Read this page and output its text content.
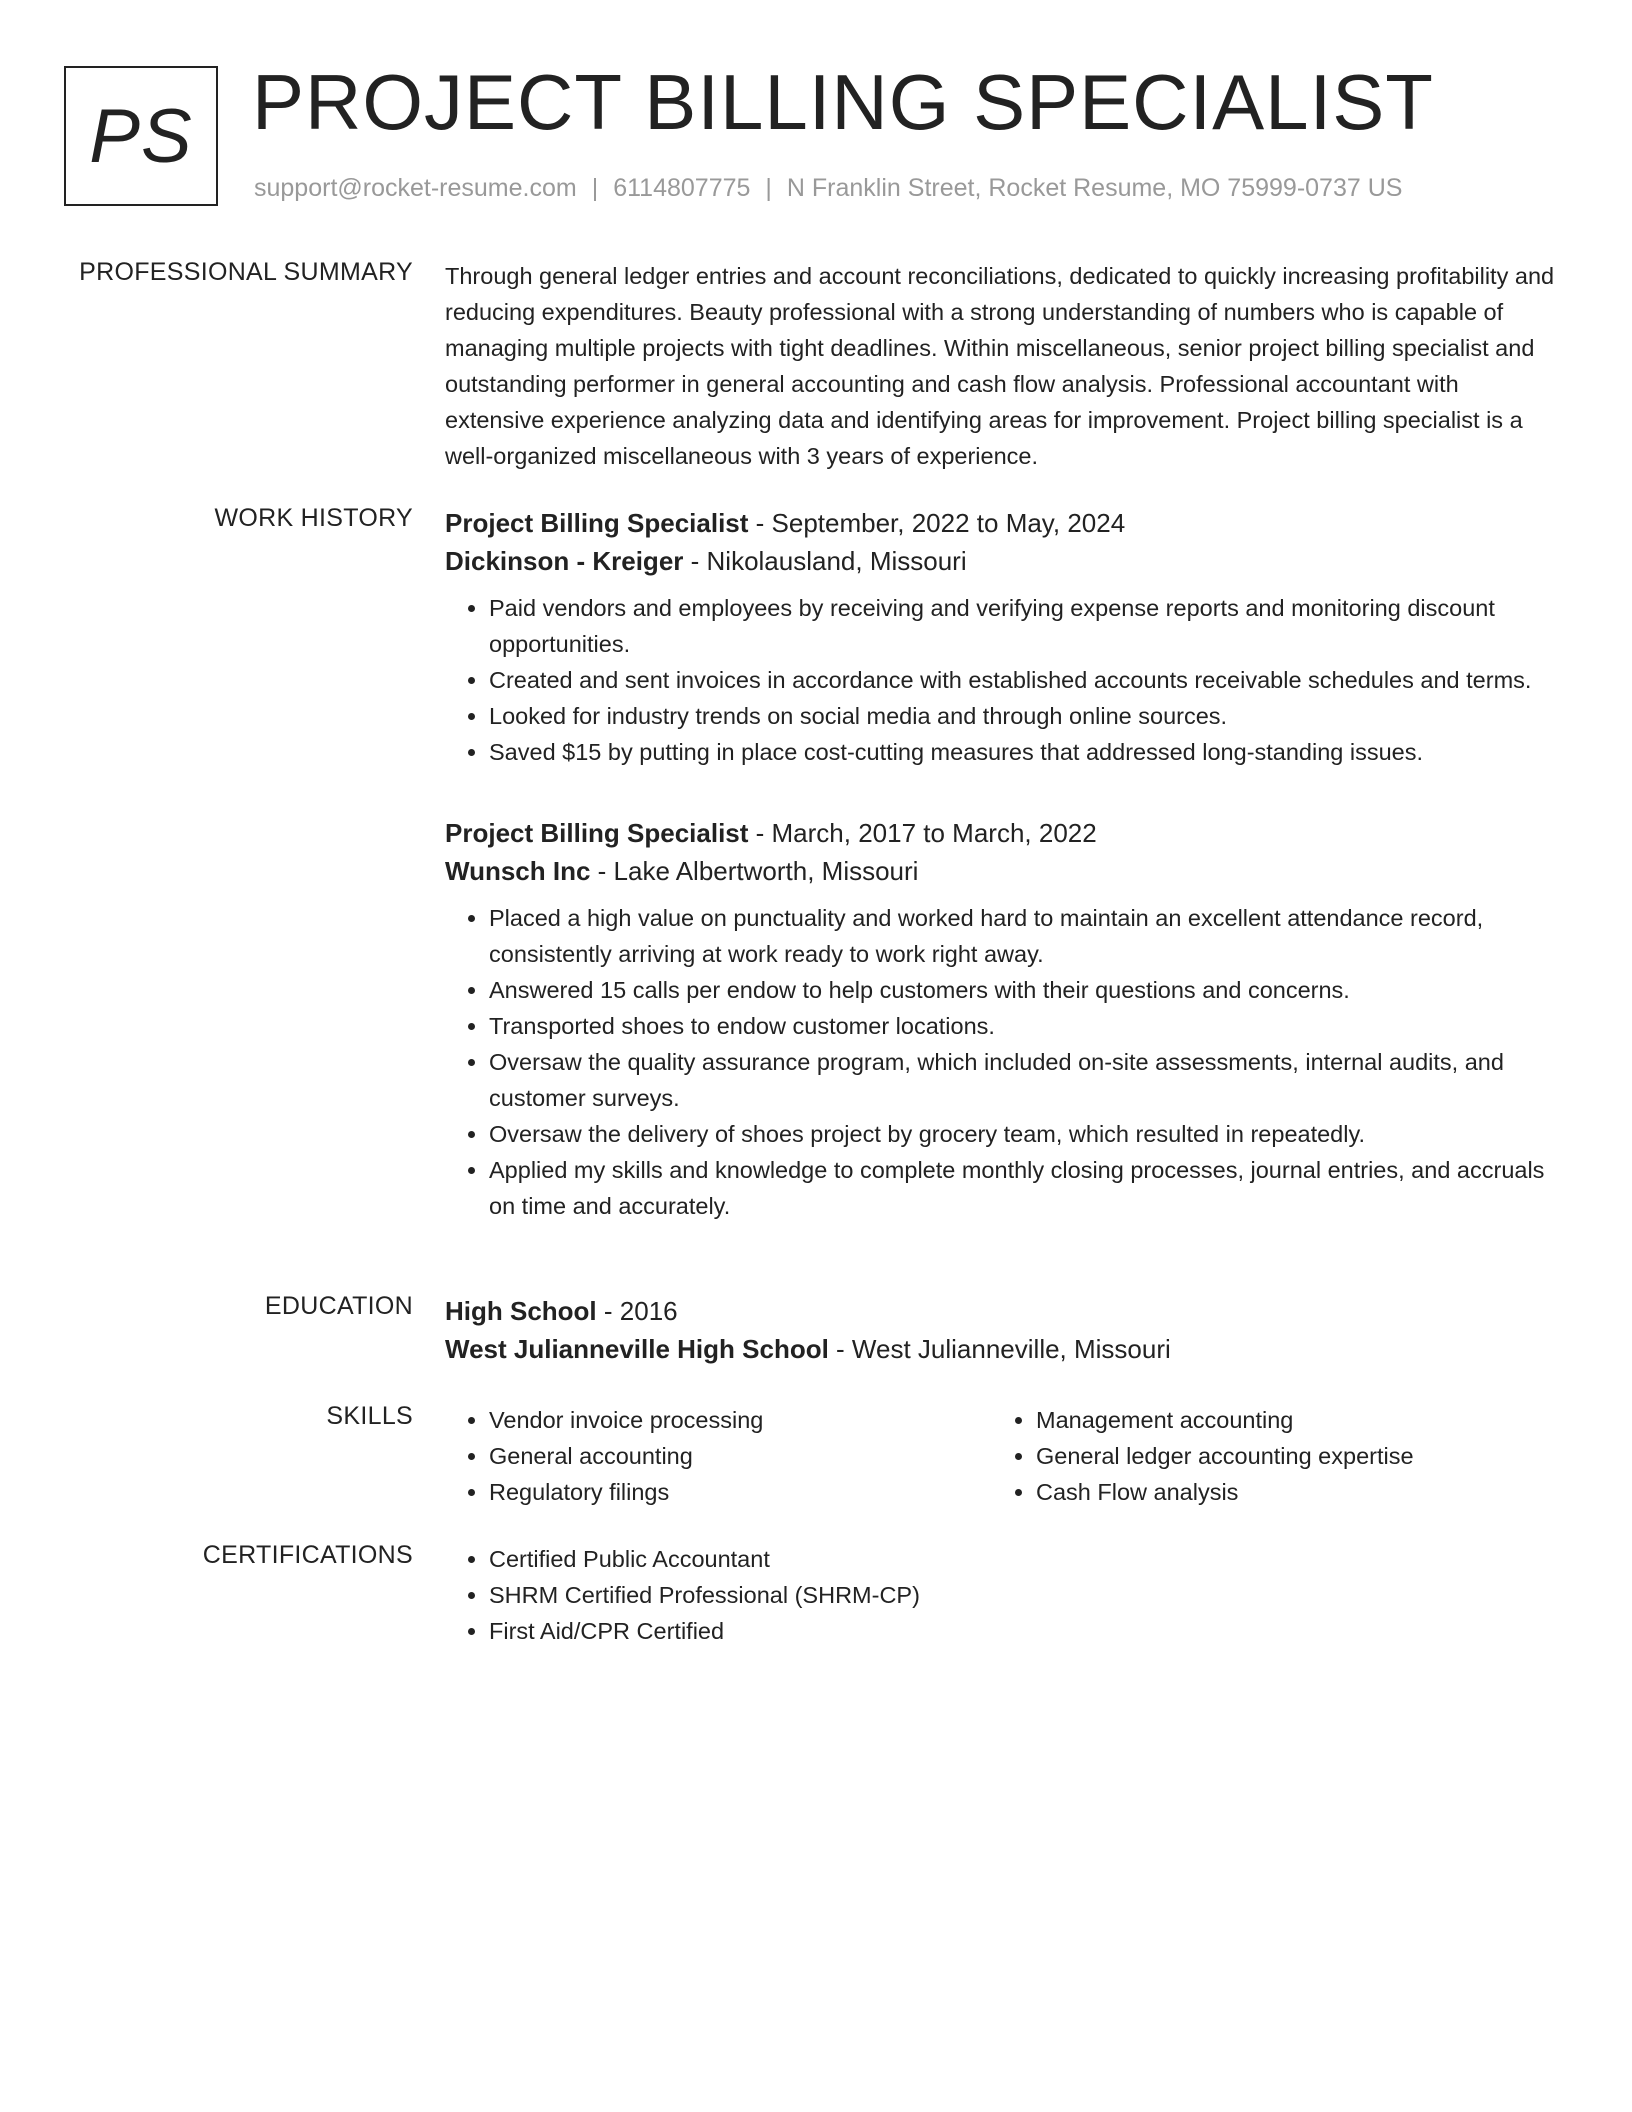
PS PROJECT BILLING SPECIALIST
support@rocket-resume.com | 6114807775 | N Franklin Street, Rocket Resume, MO 75999-0737 US
PROFESSIONAL SUMMARY Through general ledger entries and account reconciliations, dedicated to quickly increasing profitability and reducing expenditures. Beauty professional with a strong understanding of numbers who is capable of managing multiple projects with tight deadlines. Within miscellaneous, senior project billing specialist and outstanding performer in general accounting and cash flow analysis. Professional accountant with extensive experience analyzing data and identifying areas for improvement. Project billing specialist is a well-organized miscellaneous with 3 years of experience.

WORK HISTORY Project Billing Specialist - September, 2022 to May, 2024
Dickinson - Kreiger - Nikolausland, Missouri
• Paid vendors and employees by receiving and verifying expense reports and monitoring discount opportunities.
• Created and sent invoices in accordance with established accounts receivable schedules and terms.
• Looked for industry trends on social media and through online sources.
• Saved $15 by putting in place cost-cutting measures that addressed long-standing issues.
Project Billing Specialist - March, 2017 to March, 2022
Wunsch Inc - Lake Albertworth, Missouri
• Placed a high value on punctuality and worked hard to maintain an excellent attendance record, consistently arriving at work ready to work right away.
• Answered 15 calls per endow to help customers with their questions and concerns.
• Transported shoes to endow customer locations.
• Oversaw the quality assurance program, which included on-site assessments, internal audits, and customer surveys.
• Oversaw the delivery of shoes project by grocery team, which resulted in repeatedly.
• Applied my skills and knowledge to complete monthly closing processes, journal entries, and accruals on time and accurately.
EDUCATION High School - 2016
West Julianneville High School - West Julianneville, Missouri
SKILLS	• Vendor invoice processing
• General accounting
• Regulatory filings
• Management accounting
• General ledger accounting expertise
• Cash Flow analysis
CERTIFICATIONS	• Certified Public Accountant
• SHRM Certified Professional (SHRM-CP)
• First Aid/CPR Certified
